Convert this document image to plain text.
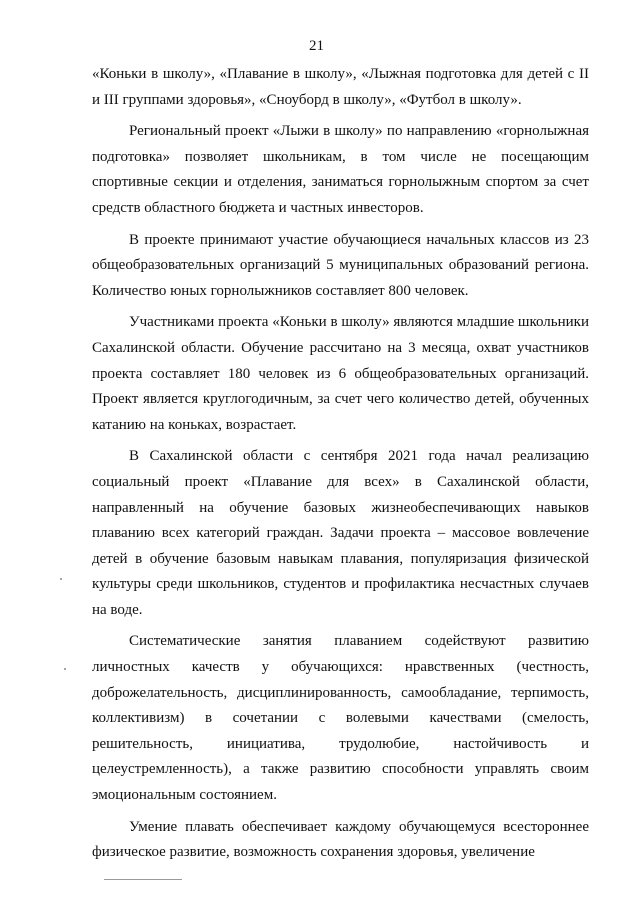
21

«Коньки в школу», «Плавание в школу», «Лыжная подготовка для детей с II и III группами здоровья», «Сноуборд в школу», «Футбол в школу».

Региональный проект «Лыжи в школу» по направлению «горнолыжная подготовка» позволяет школьникам, в том числе не посещающим спортивные секции и отделения, заниматься горнолыжным спортом за счет средств областного бюджета и частных инвесторов.

В проекте принимают участие обучающиеся начальных классов из 23 общеобразовательных организаций 5 муниципальных образований региона. Количество юных горнолыжников составляет 800 человек.

Участниками проекта «Коньки в школу» являются младшие школьники Сахалинской области. Обучение рассчитано на 3 месяца, охват участников проекта составляет 180 человек из 6 общеобразовательных организаций. Проект является круглогодичным, за счет чего количество детей, обученных катанию на коньках, возрастает.

В Сахалинской области с сентября 2021 года начал реализацию социальный проект «Плавание для всех» в Сахалинской области, направленный на обучение базовых жизнеобеспечивающих навыков плаванию всех категорий граждан. Задачи проекта – массовое вовлечение детей в обучение базовым навыкам плавания, популяризация физической культуры среди школьников, студентов и профилактика несчастных случаев на воде.

Систематические занятия плаванием содействуют развитию личностных качеств у обучающихся: нравственных (честность, доброжелательность, дисциплинированность, самообладание, терпимость, коллективизм) в сочетании с волевыми качествами (смелость, решительность, инициатива, трудолюбие, настойчивость и целеустремленность), а также развитию способности управлять своим эмоциональным состоянием.

Умение плавать обеспечивает каждому обучающемуся всестороннее физическое развитие, возможность сохранения здоровья, увеличение
